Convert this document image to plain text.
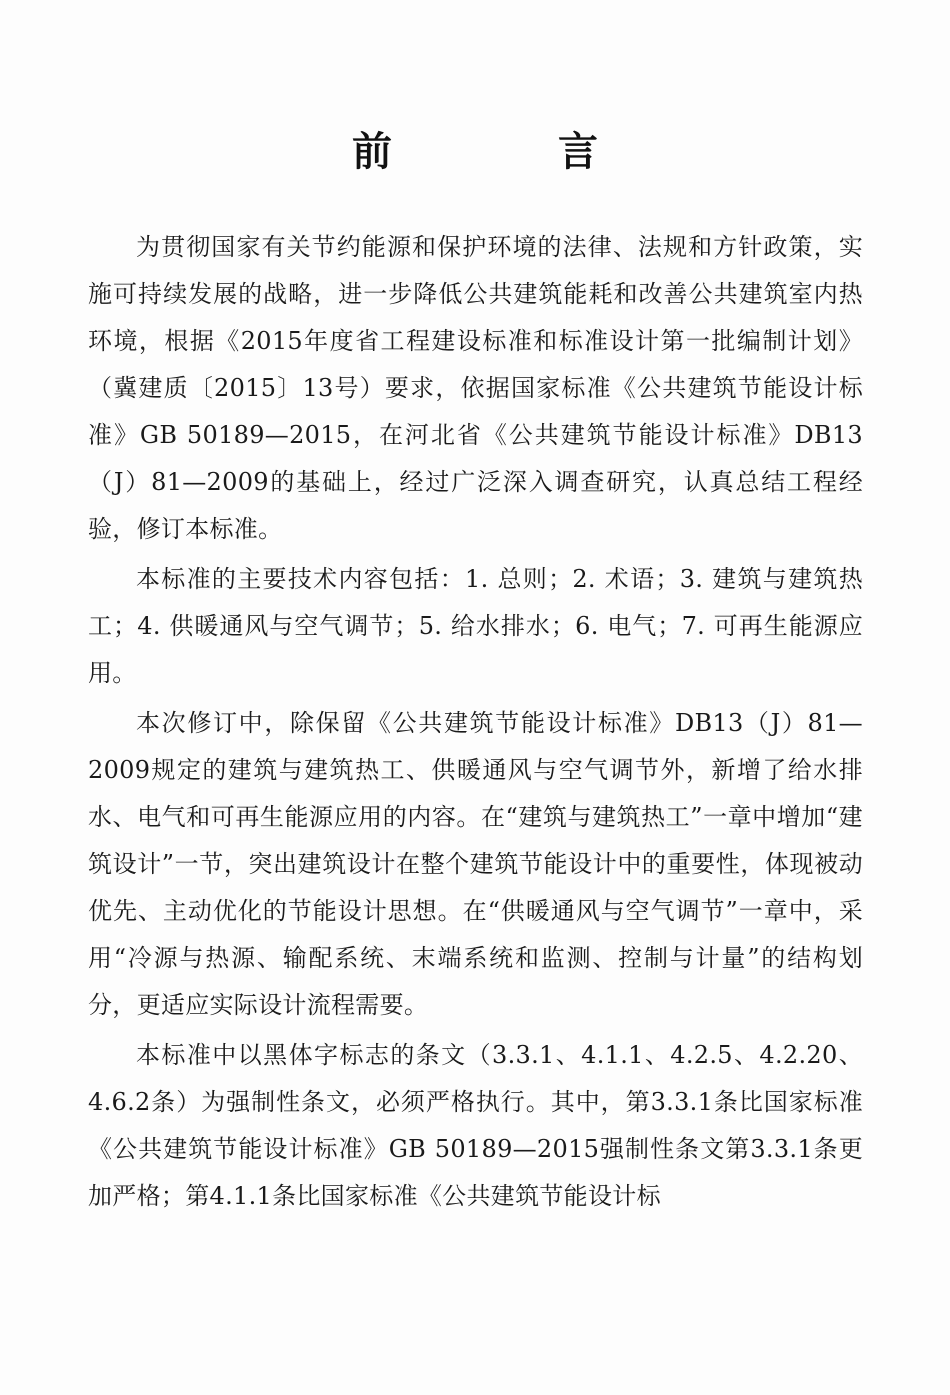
前 言

为贯彻国家有关节约能源和保护环境的法律、法规和方针政策，实施可持续发展的战略，进一步降低公共建筑能耗和改善公共建筑室内热环境，根据《2015年度省工程建设标准和标准设计第一批编制计划》（冀建质〔2015〕13号）要求，依据国家标准《公共建筑节能设计标准》GB 50189—2015，在河北省《公共建筑节能设计标准》DB13（J）81—2009的基础上，经过广泛深入调查研究，认真总结工程经验，修订本标准。

本标准的主要技术内容包括：1. 总则；2. 术语；3. 建筑与建筑热工；4. 供暖通风与空气调节；5. 给水排水；6. 电气；7. 可再生能源应用。

本次修订中，除保留《公共建筑节能设计标准》DB13（J）81—2009规定的建筑与建筑热工、供暖通风与空气调节外，新增了给水排水、电气和可再生能源应用的内容。在“建筑与建筑热工”一章中增加“建筑设计”一节，突出建筑设计在整个建筑节能设计中的重要性，体现被动优先、主动优化的节能设计思想。在“供暖通风与空气调节”一章中，采用“冷源与热源、输配系统、末端系统和监测、控制与计量”的结构划分，更适应实际设计流程需要。

本标准中以黑体字标志的条文（3.3.1、4.1.1、4.2.5、4.2.20、4.6.2条）为强制性条文，必须严格执行。其中，第3.3.1条比国家标准《公共建筑节能设计标准》GB 50189—2015强制性条文第3.3.1条更加严格；第4.1.1条比国家标准《公共建筑节能设计标
